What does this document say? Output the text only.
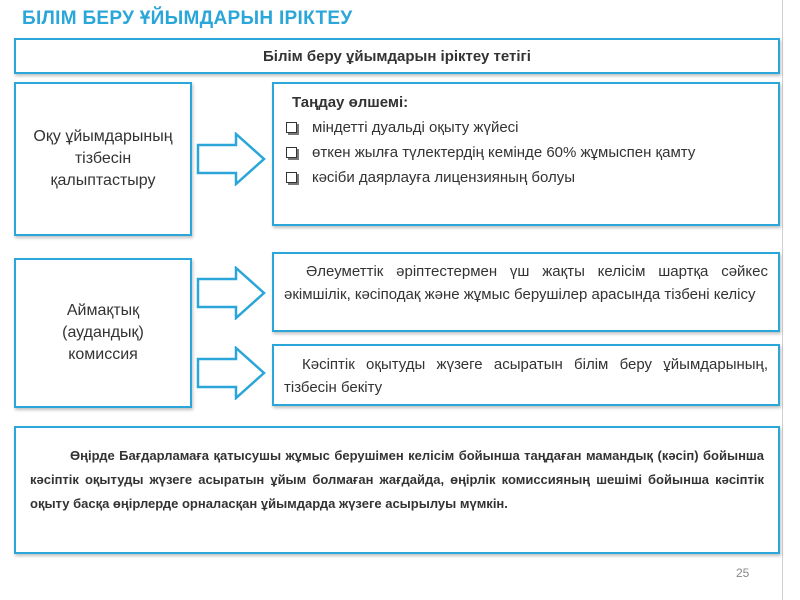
БІЛІМ БЕРУ ҰЙЫМДАРЫН ІРІКТЕУ
Білім беру ұйымдарын іріктеу тетігі
Оқу ұйымдарының тізбесін қалыптастыру
Аймақтық (аудандық) комиссия
Таңдау өлшемі:
міндетті дуальді оқыту жүйесі
өткен жылға түлектердің кемінде 60% жұмыспен қамту
кәсіби даярлауға лицензияның болуы
Әлеуметтік әріптестермен үш жақты келісім шартқа сәйкес әкімшілік, кәсіподақ және жұмыс берушілер арасында тізбені келісу
Кәсіптік оқытуды жүзеге асыратын білім беру ұйымдарының, тізбесін бекіту
Өңірде Бағдарламаға қатысушы жұмыс берушімен келісім бойынша таңдаған мамандық (кәсіп) бойынша кәсіптік оқытуды жүзеге асыратын ұйым болмаған жағдайда, өңірлік комиссияның шешімі бойынша кәсіптік оқыту басқа өңірлерде орналасқан ұйымдарда жүзеге асырылуы мүмкін.
25
